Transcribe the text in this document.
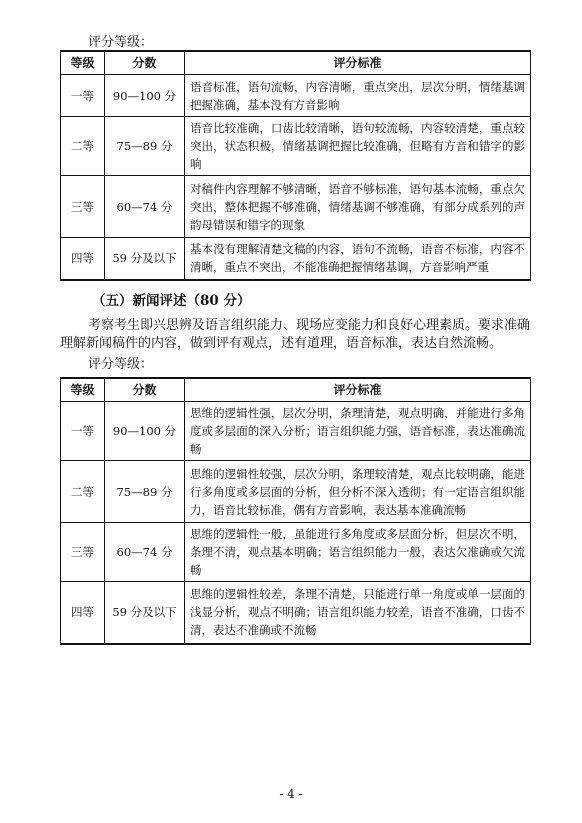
评分等级：
等级	分数	评分标准
一等	90—100 分	语音标准，语句流畅，内容清晰，重点突出，层次分明，情绪基调把握准确，基本没有方音影响
二等	75—89 分	语音比较准确，口齿比较清晰，语句较流畅，内容较清楚，重点较突出，状态积极，情绪基调把握比较准确，但略有方音和错字的影响
三等	60—74 分	对稿件内容理解不够清晰，语音不够标准，语句基本流畅，重点欠突出，整体把握不够准确，情绪基调不够准确，有部分成系列的声韵母错误和错字的现象
四等	59 分及以下	基本没有理解清楚文稿的内容，语句不流畅，语音不标准，内容不清晰，重点不突出，不能准确把握情绪基调，方音影响严重
（五）新闻评述（80 分）
考察考生即兴思辨及语言组织能力、现场应变能力和良好心理素质。要求准确理解新闻稿件的内容，做到评有观点，述有道理，语音标准，表达自然流畅。
评分等级：
等级	分数	评分标准
一等	90—100 分	思维的逻辑性强，层次分明，条理清楚，观点明确，并能进行多角度或多层面的深入分析；语言组织能力强，语音标准，表达准确流畅
二等	75—89 分	思维的逻辑性较强，层次分明，条理较清楚，观点比较明确，能进行多角度或多层面的分析，但分析不深入透彻；有一定语言组织能力，语音比较标准，偶有方音影响，表达基本准确流畅
三等	60—74 分	思维的逻辑性一般，虽能进行多角度或多层面分析，但层次不明，条理不清，观点基本明确；语言组织能力一般，表达欠准确或欠流畅
四等	59 分及以下	思维的逻辑性较差，条理不清楚，只能进行单一角度或单一层面的浅显分析，观点不明确；语言组织能力较差，语音不准确，口齿不清，表达不准确或不流畅
- 4 -
